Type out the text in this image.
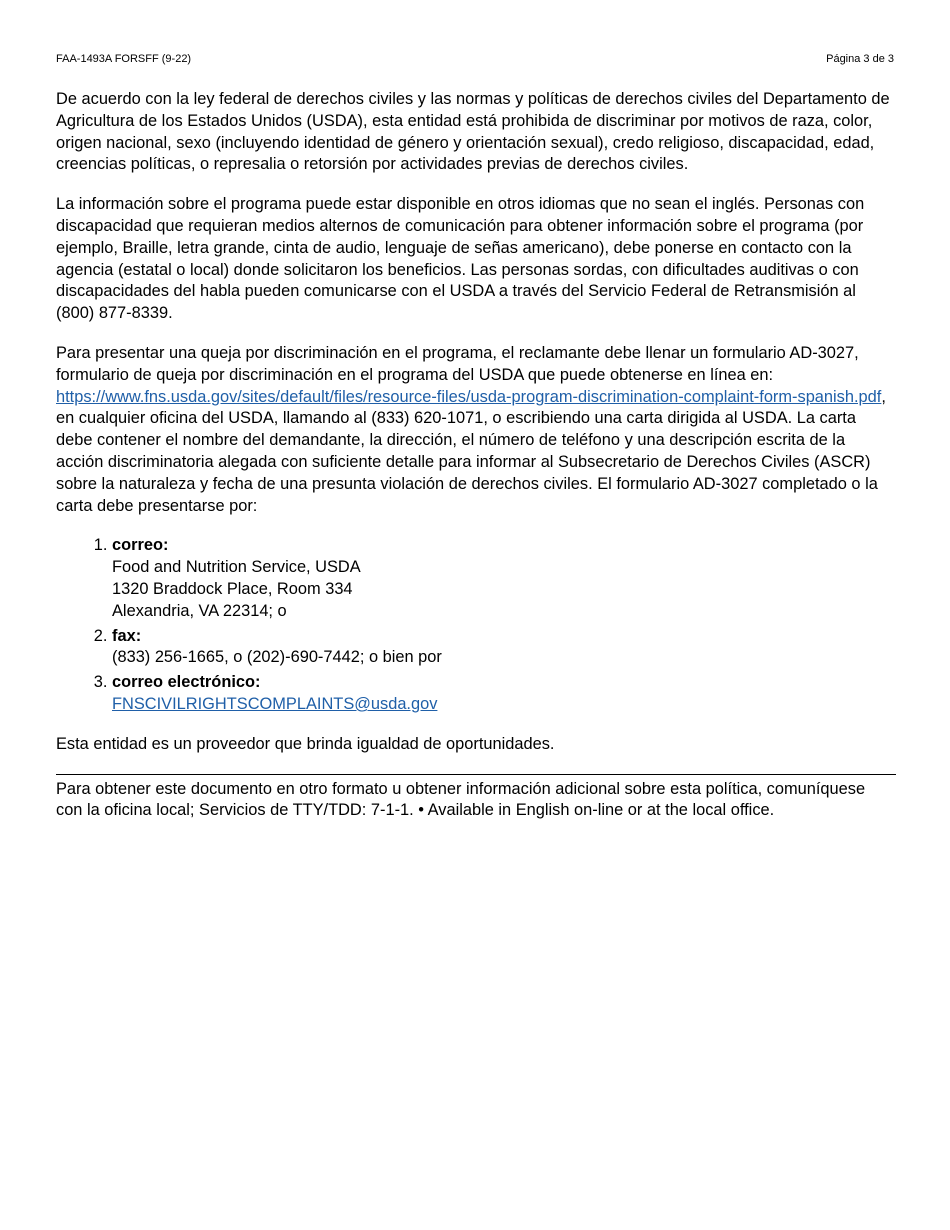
FAA-1493A FORSFF (9-22)	Página 3 de 3

De acuerdo con la ley federal de derechos civiles y las normas y políticas de derechos civiles del Departamento de Agricultura de los Estados Unidos (USDA), esta entidad está prohibida de discriminar por motivos de raza, color, origen nacional, sexo (incluyendo identidad de género y orientación sexual), credo religioso, discapacidad, edad, creencias políticas, o represalia o retorsión por actividades previas de derechos civiles.

La información sobre el programa puede estar disponible en otros idiomas que no sean el inglés. Personas con discapacidad que requieran medios alternos de comunicación para obtener información sobre el programa (por ejemplo, Braille, letra grande, cinta de audio, lenguaje de señas americano), debe ponerse en contacto con la agencia (estatal o local) donde solicitaron los beneficios. Las personas sordas, con dificultades auditivas o con discapacidades del habla pueden comunicarse con el USDA a través del Servicio Federal de Retransmisión al (800) 877-8339.

Para presentar una queja por discriminación en el programa, el reclamante debe llenar un formulario AD-3027, formulario de queja por discriminación en el programa del USDA que puede obtenerse en línea en: https://www.fns.usda.gov/sites/default/files/resource-files/usda-program-discrimination-complaint-form-spanish.pdf, en cualquier oficina del USDA, llamando al (833) 620-1071, o escribiendo una carta dirigida al USDA. La carta debe contener el nombre del demandante, la dirección, el número de teléfono y una descripción escrita de la acción discriminatoria alegada con suficiente detalle para informar al Subsecretario de Derechos Civiles (ASCR) sobre la naturaleza y fecha de una presunta violación de derechos civiles. El formulario AD-3027 completado o la carta debe presentarse por:

1. correo:
Food and Nutrition Service, USDA
1320 Braddock Place, Room 334
Alexandria, VA 22314; o
2. fax:
(833) 256-1665, o (202)-690-7442; o bien por
3. correo electrónico:
FNSCIVILRIGHTSCOMPLAINTS@usda.gov

Esta entidad es un proveedor que brinda igualdad de oportunidades.

Para obtener este documento en otro formato u obtener información adicional sobre esta política, comuníquese con la oficina local; Servicios de TTY/TDD: 7-1-1. • Available in English on-line or at the local office.
